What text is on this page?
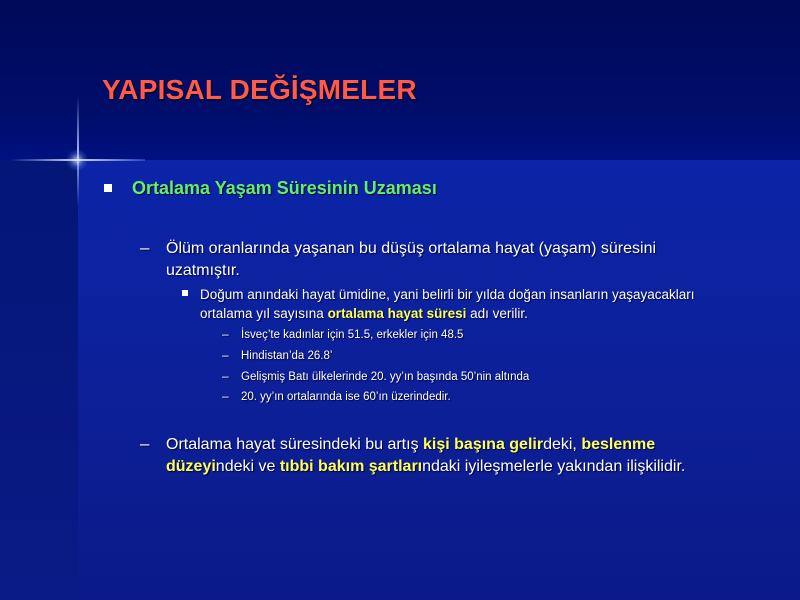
YAPISAL DEĞİŞMELER
Ortalama Yaşam Süresinin Uzaması
– Ölüm oranlarında yaşanan bu düşüş ortalama hayat (yaşam) süresini uzatmıştır.
Doğum anındaki hayat ümidine, yani belirli bir yılda doğan insanların yaşayacakları ortalama yıl sayısına ortalama hayat süresi adı verilir.
– İsveç’te kadınlar için 51.5, erkekler için 48.5
– Hindistan’da 26.8’
– Gelişmiş Batı ülkelerinde 20. yy’ın başında 50’nin altında
– 20. yy’ın ortalarında ise 60’ın üzerindedir.
– Ortalama hayat süresindeki bu artış kişi başına gelirdeki, beslenme düzeyindeki ve tıbbi bakım şartlarındaki iyileşmelerle yakından ilişkilidir.
